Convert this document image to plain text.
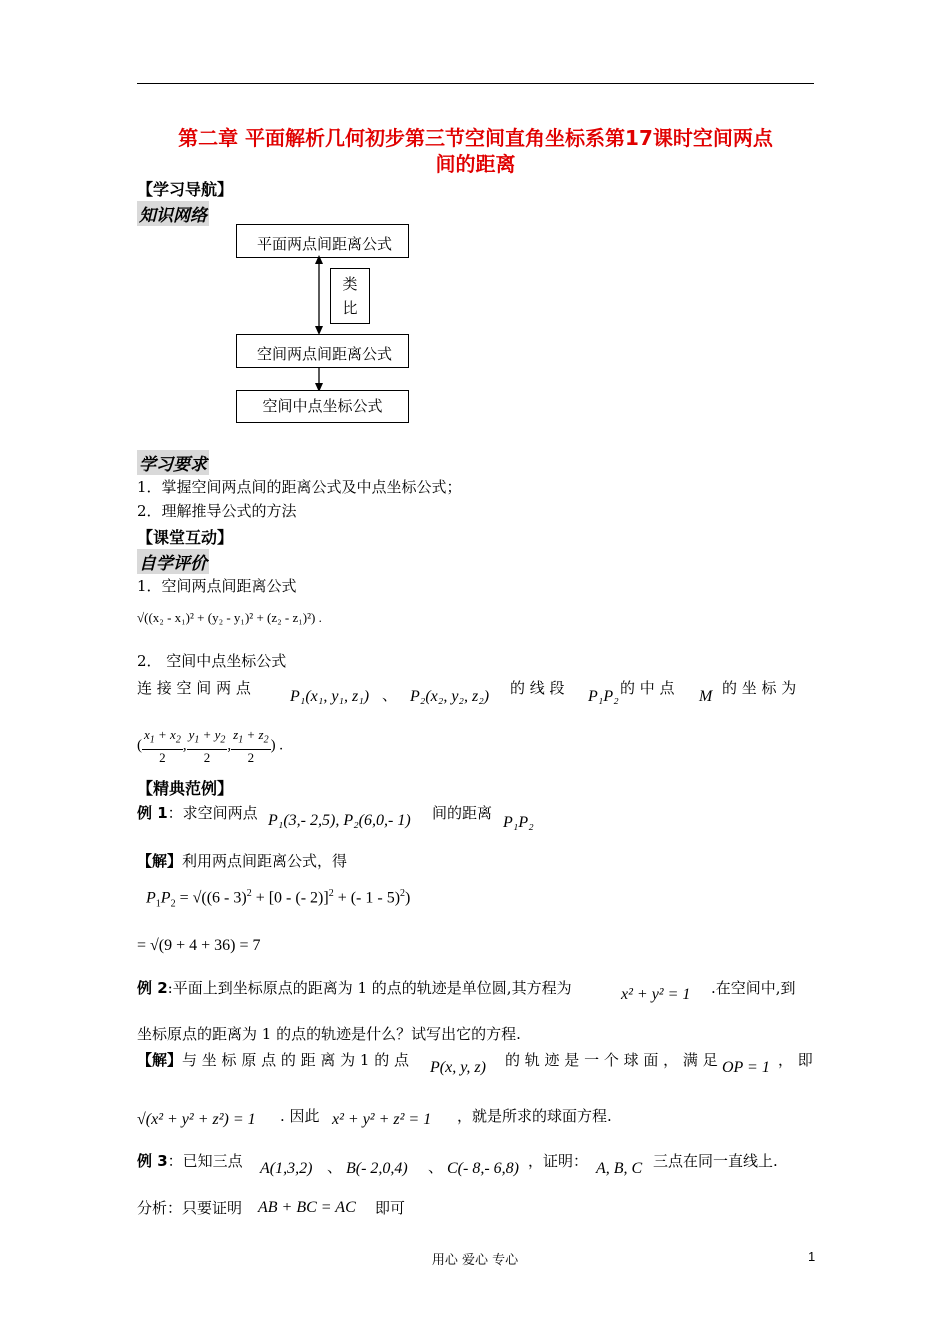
第二章 平面解析几何初步第三节空间直角坐标系第17课时空间两点
间的距离
【学习导航】
知识网络
平面两点间距离公式
类比
空间两点间距离公式
空间中点坐标公式
学习要求
1．掌握空间两点间的距离公式及中点坐标公式；
2．理解推导公式的方法
【课堂互动】
自学评价
1．空间两点间距离公式
√((x₂ - x₁)² + (y₂ - y₁)² + (z₂ - z₁)²) .
2． 空间中点坐标公式
连 接 空 间 两 点 P₁(x₁, y₁, z₁) 、 P₂(x₂, y₂, z₂) 的 线 段 P₁P₂ 的 中 点 M 的 坐 标 为
( $\frac{x_1 + x_2}{2}$ , $\frac{y_1 + y_2}{2}$ , $\frac{z_1 + z_2}{2}$ ) .
【精典范例】
例 1：求空间两点 P₁(3,- 2,5), P₂(6,0,- 1) 间的距离
P₁P₂
【解】利用两点间距离公式，得
$P_1P_2 = √((6 - 3)^2 + [0$ - (- 2)]$^2$ + (- 1 - 5)$^2$)
= √(9 + 4 + 36) = 7
例 2:平面上到坐标原点的距离为 1 的点的轨迹是单位圆,其方程为	x² + y² = 1 .在空间中,到
坐标原点的距离为 1 的点的轨迹是什么？试写出它的方程.
【解】与 坐 标 原 点 的 距 离 为 1 的 点 P(x, y, z) 的 轨 迹 是 一 个 球 面 ， 满 足 OP = 1 ， 即
√(x² + y² + z²) = 1 . 因此 x² + y² + z² = 1 ，就是所求的球面方程.
例 3：已知三点 A(1,3,2) 、 B(- 2,0,4) 、 C(- 8,- 6,8) ，证明： A, B, C 三点在同一直线上.
分析：只要证明 AB + BC = AC 即可
用心 爱心 专心	1
